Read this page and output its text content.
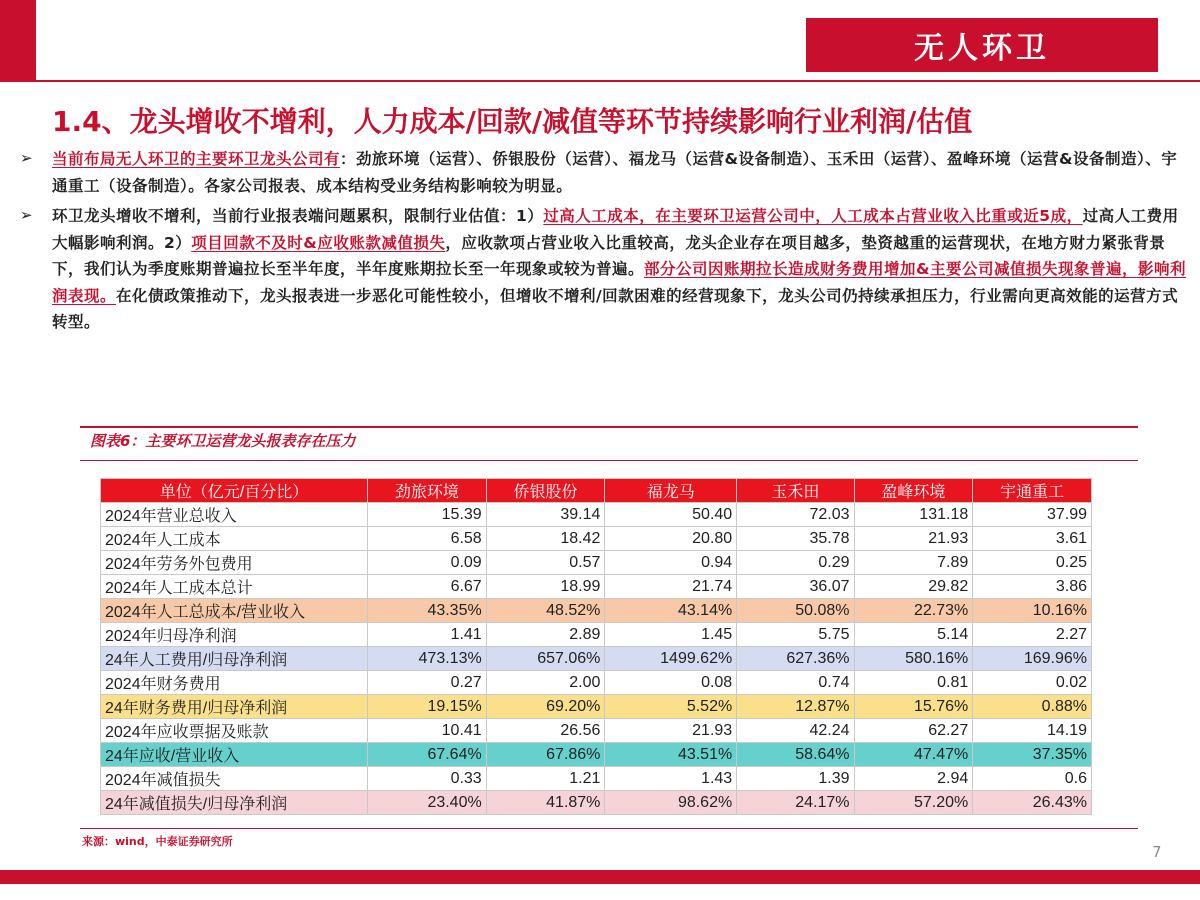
无人环卫
1.4、龙头增收不增利，人力成本/回款/减值等环节持续影响行业利润/估值
➢	当前布局无人环卫的主要环卫龙头公司有：劲旅环境（运营）、侨银股份（运营）、福龙马（运营&设备制造）、玉禾田（运营）、盈峰环境（运营&设备制造）、宇通重工（设备制造）。各家公司报表、成本结构受业务结构影响较为明显。
➢	环卫龙头增收不增利，当前行业报表端问题累积，限制行业估值：1）过高人工成本，在主要环卫运营公司中，人工成本占营业收入比重或近5成，过高人工费用大幅影响利润。2）项目回款不及时&应收账款减值损失，应收款项占营业收入比重较高，龙头企业存在项目越多，垫资越重的运营现状，在地方财力紧张背景下，我们认为季度账期普遍拉长至半年度，半年度账期拉长至一年现象或较为普遍。部分公司因账期拉长造成财务费用增加&主要公司减值损失现象普遍，影响利润表现。在化债政策推动下，龙头报表进一步恶化可能性较小，但增收不增利/回款困难的经营现象下，龙头公司仍持续承担压力，行业需向更高效能的运营方式转型。
图表6：主要环卫运营龙头报表存在压力
单位（亿元/百分比）	劲旅环境	侨银股份	福龙马	玉禾田	盈峰环境	宇通重工
2024年营业总收入	15.39	39.14	50.40	72.03	131.18	37.99
2024年人工成本	6.58	18.42	20.80	35.78	21.93	3.61
2024年劳务外包费用	0.09	0.57	0.94	0.29	7.89	0.25
2024年人工成本总计	6.67	18.99	21.74	36.07	29.82	3.86
2024年人工总成本/营业收入	43.35%	48.52%	43.14%	50.08%	22.73%	10.16%
2024年归母净利润	1.41	2.89	1.45	5.75	5.14	2.27
24年人工费用/归母净利润	473.13%	657.06%	1499.62%	627.36%	580.16%	169.96%
2024年财务费用	0.27	2.00	0.08	0.74	0.81	0.02
24年财务费用/归母净利润	19.15%	69.20%	5.52%	12.87%	15.76%	0.88%
2024年应收票据及账款	10.41	26.56	21.93	42.24	62.27	14.19
24年应收/营业收入	67.64%	67.86%	43.51%	58.64%	47.47%	37.35%
2024年减值损失	0.33	1.21	1.43	1.39	2.94	0.6
24年减值损失/归母净利润	23.40%	41.87%	98.62%	24.17%	57.20%	26.43%
来源：wind，中泰证券研究所
7
